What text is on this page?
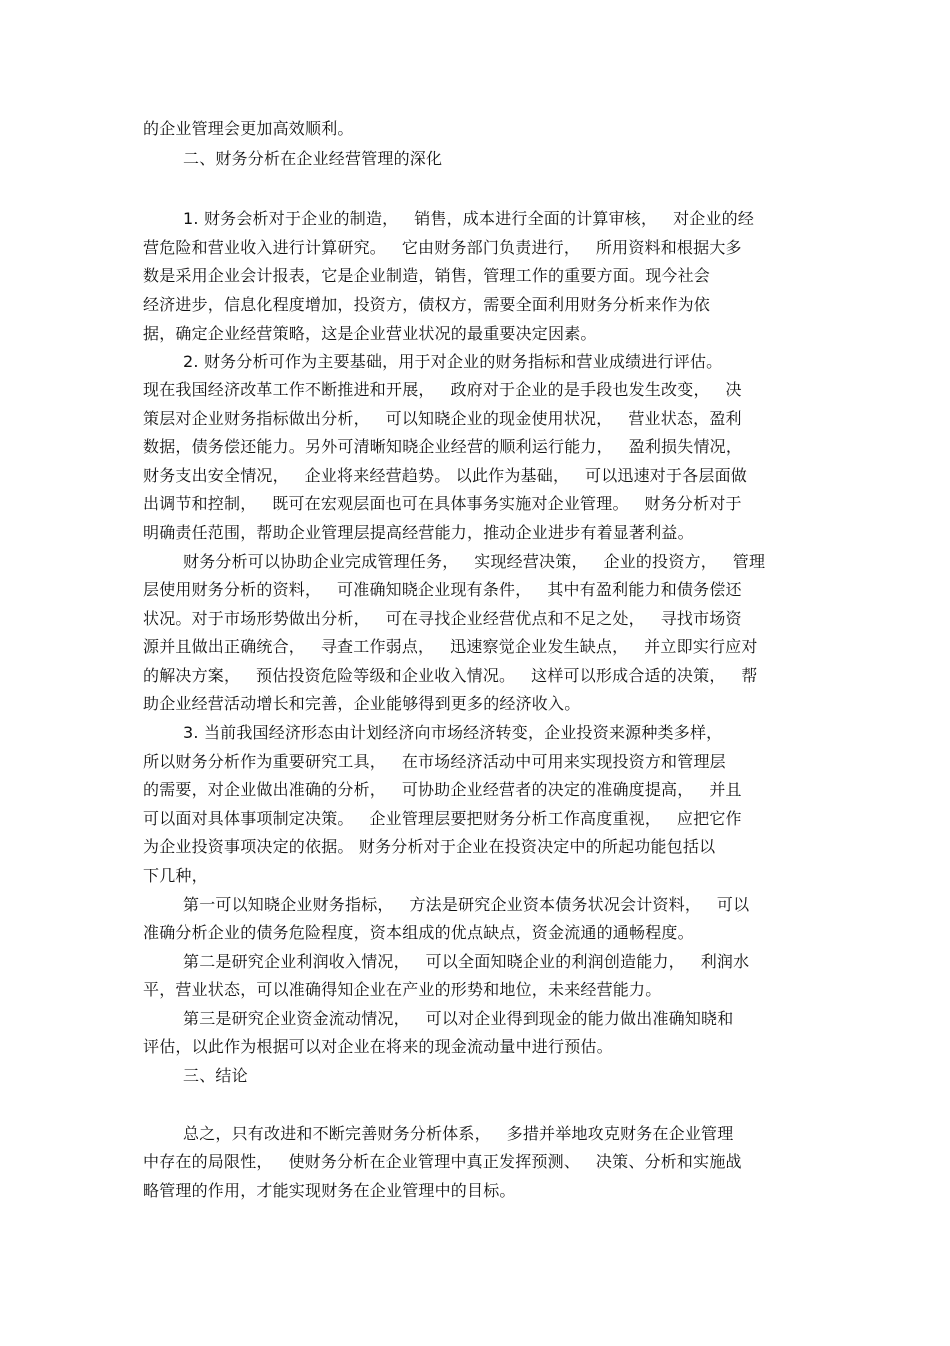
的企业管理会更加高效顺利。

二、财务分析在企业经营管理的深化

1. 财务会析对于企业的制造，   销售，成本进行全面的计算审核，   对企业的经

营危险和营业收入进行计算研究。   它由财务部门负责进行，   所用资料和根据大多

数是采用企业会计报表，它是企业制造，销售，管理工作的重要方面。现今社会

经济进步，信息化程度增加，投资方，债权方，需要全面利用财务分析来作为依

据，确定企业经营策略，这是企业营业状况的最重要决定因素。

2. 财务分析可作为主要基础，用于对企业的财务指标和营业成绩进行评估。

现在我国经济改革工作不断推进和开展，   政府对于企业的是手段也发生改变，   决

策层对企业财务指标做出分析，   可以知晓企业的现金使用状况，   营业状态，盈利

数据，债务偿还能力。另外可清晰知晓企业经营的顺利运行能力，   盈利损失情况，

财务支出安全情况，   企业将来经营趋势。 以此作为基础，   可以迅速对于各层面做

出调节和控制，   既可在宏观层面也可在具体事务实施对企业管理。   财务分析对于

明确责任范围，帮助企业管理层提高经营能力，推动企业进步有着显著利益。

财务分析可以协助企业完成管理任务，   实现经营决策，   企业的投资方，   管理

层使用财务分析的资料，   可准确知晓企业现有条件，   其中有盈利能力和债务偿还

状况。对于市场形势做出分析，   可在寻找企业经营优点和不足之处，   寻找市场资

源并且做出正确统合，   寻查工作弱点，   迅速察觉企业发生缺点，   并立即实行应对

的解决方案，   预估投资危险等级和企业收入情况。   这样可以形成合适的决策，   帮

助企业经营活动增长和完善，企业能够得到更多的经济收入。

3. 当前我国经济形态由计划经济向市场经济转变，企业投资来源种类多样，

所以财务分析作为重要研究工具，   在市场经济活动中可用来实现投资方和管理层

的需要，对企业做出准确的分析，   可协助企业经营者的决定的准确度提高，   并且

可以面对具体事项制定决策。   企业管理层要把财务分析工作高度重视，   应把它作

为企业投资事项决定的依据。 财务分析对于企业在投资决定中的所起功能包括以

下几种，

第一可以知晓企业财务指标，   方法是研究企业资本债务状况会计资料，   可以

准确分析企业的债务危险程度，资本组成的优点缺点，资金流通的通畅程度。

第二是研究企业利润收入情况，   可以全面知晓企业的利润创造能力，   利润水

平，营业状态，可以准确得知企业在产业的形势和地位，未来经营能力。

第三是研究企业资金流动情况，   可以对企业得到现金的能力做出准确知晓和

评估，以此作为根据可以对企业在将来的现金流动量中进行预估。

三、结论

总之，只有改进和不断完善财务分析体系，   多措并举地攻克财务在企业管理

中存在的局限性，   使财务分析在企业管理中真正发挥预测、   决策、分析和实施战

略管理的作用，才能实现财务在企业管理中的目标。
